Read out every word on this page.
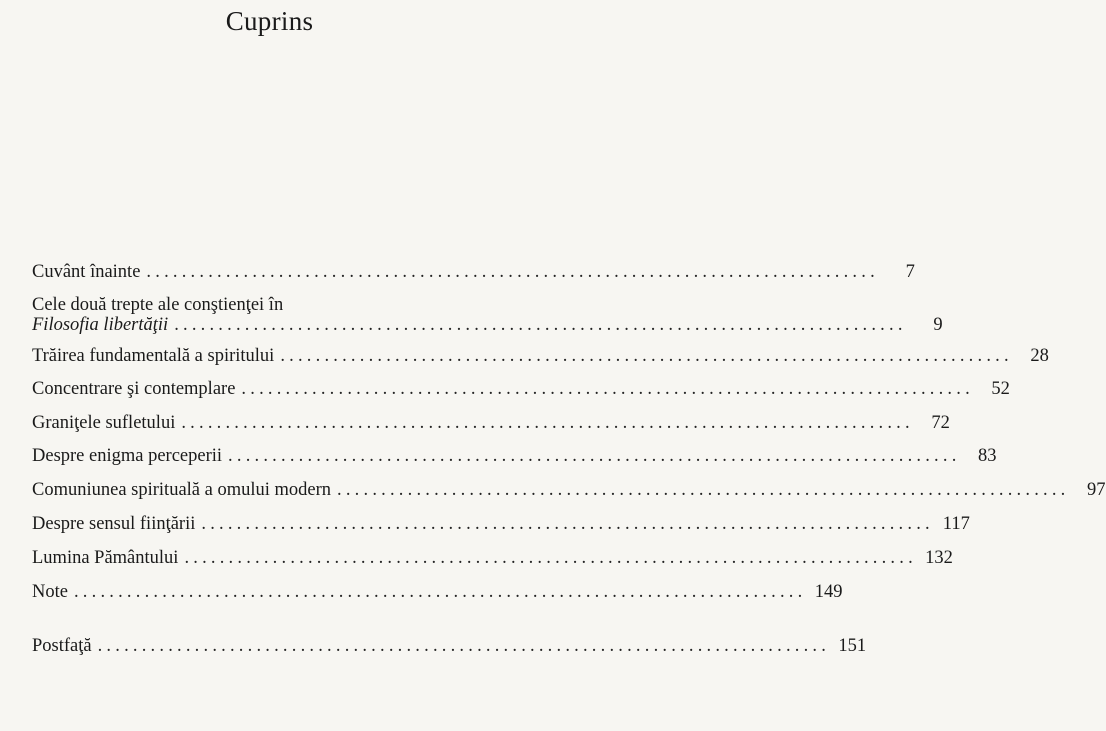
Cuprins
Cuvânt înainte ...................................................................................	7
Cele două trepte ale conştienţei în
Filosofia libertăţii ...................................................................................	9
Trăirea fundamentală a spiritului ................................................................................... 28
Concentrare şi contemplare ................................................................................... 52
Graniţele sufletului ................................................................................... 72
Despre enigma perceperii ................................................................................... 83
Comuniunea spirituală a omului modern ................................................................................... 97
Despre sensul fiinţării ................................................................................... 117
Lumina Pământului ................................................................................... 132
Note ................................................................................... 149
Postfaţă ................................................................................... 151
